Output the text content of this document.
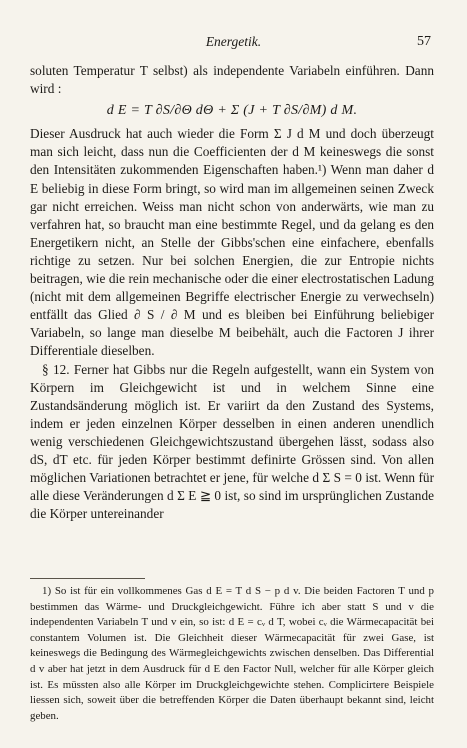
Energetik.	57

soluten Temperatur T selbst) als independente Variabeln einführen. Dann wird :

d E = T ∂S/∂Θ dΘ + Σ (J + T ∂S/∂M) d M.

Dieser Ausdruck hat auch wieder die Form Σ J d M und doch überzeugt man sich leicht, dass nun die Coefficienten der d M keineswegs die sonst den Intensitäten zukommenden Eigenschaften haben.¹) Wenn man daher d E beliebig in diese Form bringt, so wird man im allgemeinen seinen Zweck gar nicht erreichen. Weiss man nicht schon von anderwärts, wie man zu verfahren hat, so braucht man eine bestimmte Regel, und da gelang es den Energetikern nicht, an Stelle der Gibbs'schen eine einfachere, ebenfalls richtige zu setzen. Nur bei solchen Energien, die zur Entropie nichts beitragen, wie die rein mechanische oder die einer electrostatischen Ladung (nicht mit dem allgemeinen Begriffe electrischer Energie zu verwechseln) entfällt das Glied ∂ S / ∂ M und es bleiben bei Einführung beliebiger Variabeln, so lange man dieselbe M beibehält, auch die Factoren J ihrer Differentiale dieselben.

§ 12. Ferner hat Gibbs nur die Regeln aufgestellt, wann ein System von Körpern im Gleichgewicht ist und in welchem Sinne eine Zustandsänderung möglich ist. Er variirt da den Zustand des Systems, indem er jeden einzelnen Körper desselben in einen anderen unendlich wenig verschiedenen Gleichgewichtszustand übergehen lässt, sodass also dS, dT etc. für jeden Körper bestimmt definirte Grössen sind. Von allen möglichen Variationen betrachtet er jene, für welche d Σ S = 0 ist. Wenn für alle diese Veränderungen d Σ E ≧ 0 ist, so sind im ursprünglichen Zustande die Körper untereinander

1) So ist für ein vollkommenes Gas d E = T d S − p d v. Die beiden Factoren T und p bestimmen das Wärme- und Druckgleichgewicht. Führe ich aber statt S und v die independenten Variabeln T und v ein, so ist: d E = cᵥ d T, wobei cᵥ die Wärmecapacität bei constantem Volumen ist. Die Gleichheit dieser Wärmecapacität für zwei Gase, ist keineswegs die Bedingung des Wärmegleichgewichts zwischen denselben. Das Differential d v aber hat jetzt in dem Ausdruck für d E den Factor Null, welcher für alle Körper gleich ist. Es müssten also alle Körper im Druckgleichgewichte stehen. Complicirtere Beispiele liessen sich, soweit über die betreffenden Körper die Daten überhaupt bekannt sind, leicht geben.
